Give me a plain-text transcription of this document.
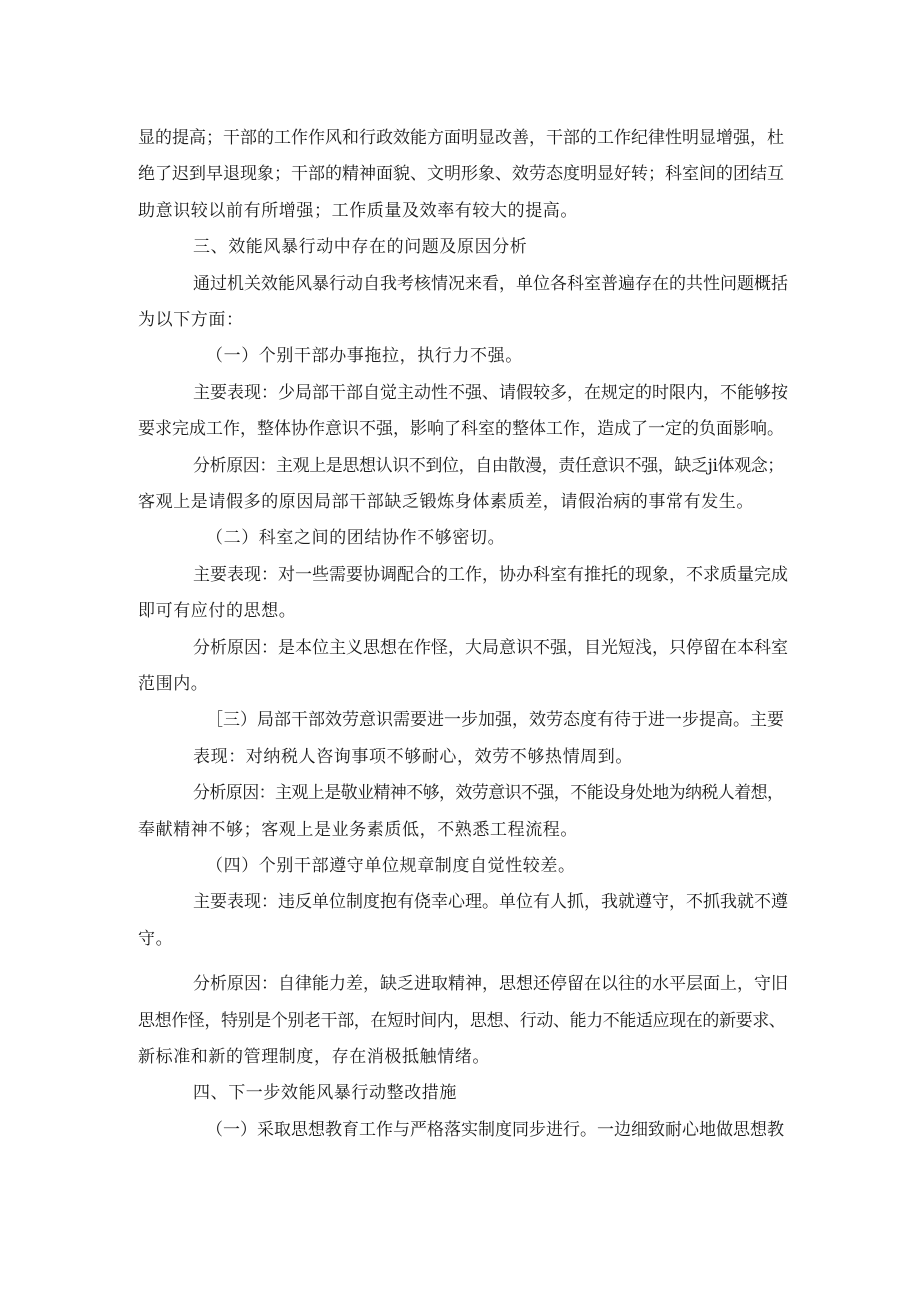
显的提高；干部的工作作风和行政效能方面明显改善，干部的工作纪律性明显增强，杜
绝了迟到早退现象；干部的精神面貌、文明形象、效劳态度明显好转；科室间的团结互
助意识较以前有所增强；工作质量及效率有较大的提高。
三、效能风暴行动中存在的问题及原因分析
通过机关效能风暴行动自我考核情况来看，单位各科室普遍存在的共性问题概括
为以下方面：
（一）个别干部办事拖拉，执行力不强。
主要表现：少局部干部自觉主动性不强、请假较多，在规定的时限内，不能够按
要求完成工作，整体协作意识不强，影响了科室的整体工作，造成了一定的负面影响。
分析原因：主观上是思想认识不到位，自由散漫，责任意识不强，缺乏ji体观念；
客观上是请假多的原因局部干部缺乏锻炼身体素质差，请假治病的事常有发生。
（二）科室之间的团结协作不够密切。
主要表现：对一些需要协调配合的工作，协办科室有推托的现象，不求质量完成
即可有应付的思想。
分析原因：是本位主义思想在作怪，大局意识不强，目光短浅，只停留在本科室
范围内。
［三）局部干部效劳意识需要进一步加强，效劳态度有待于进一步提高。主要
表现：对纳税人咨询事项不够耐心，效劳不够热情周到。
分析原因：主观上是敬业精神不够，效劳意识不强，不能设身处地为纳税人着想，
奉献精神不够；客观上是业务素质低，不熟悉工程流程。
（四）个别干部遵守单位规章制度自觉性较差。
主要表现：违反单位制度抱有侥幸心理。单位有人抓，我就遵守，不抓我就不遵
守。
分析原因：自律能力差，缺乏进取精神，思想还停留在以往的水平层面上，守旧
思想作怪，特别是个别老干部，在短时间内，思想、行动、能力不能适应现在的新要求、
新标准和新的管理制度，存在消极抵触情绪。
四、下一步效能风暴行动整改措施
（一）采取思想教育工作与严格落实制度同步进行。一边细致耐心地做思想教
